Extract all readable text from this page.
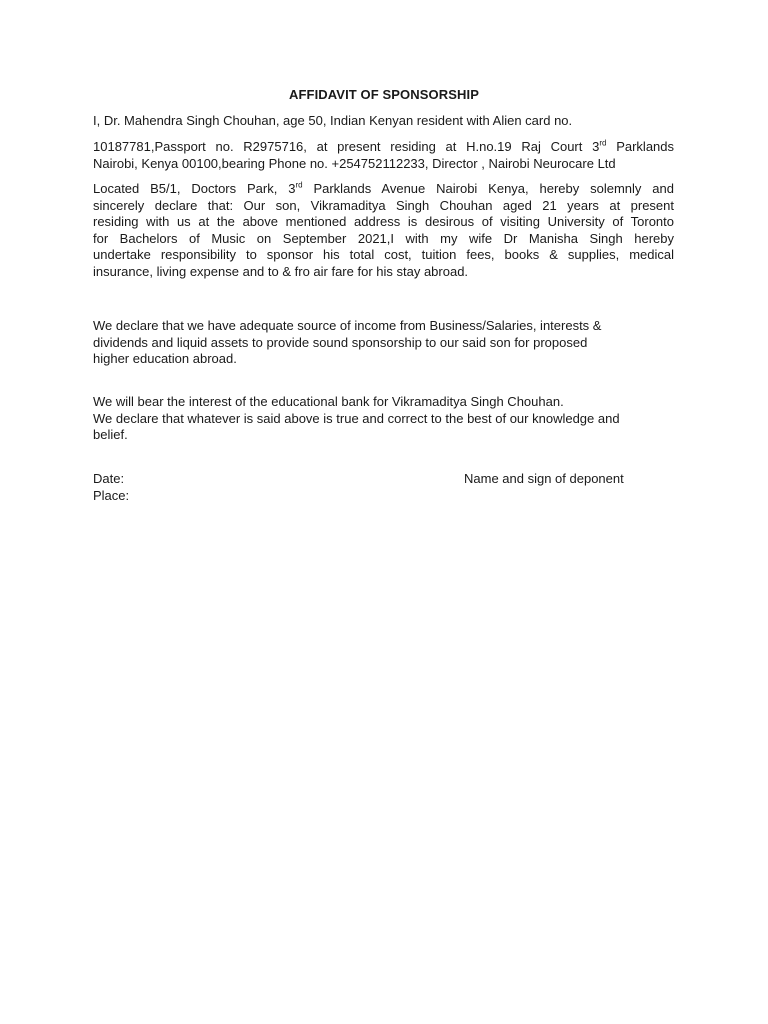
AFFIDAVIT OF SPONSORSHIP

I, Dr. Mahendra Singh Chouhan, age 50, Indian Kenyan resident with Alien card no.

10187781,Passport no. R2975716, at present residing at H.no.19 Raj Court 3rd Parklands
Nairobi, Kenya 00100,bearing Phone no. +254752112233, Director , Nairobi Neurocare Ltd

Located B5/1, Doctors Park, 3rd Parklands Avenue Nairobi Kenya, hereby solemnly and
sincerely declare that: Our son, Vikramaditya Singh Chouhan aged 21 years at present
residing with us at the above mentioned address is desirous of visiting University of Toronto
for Bachelors of Music on September 2021,I with my wife Dr Manisha Singh hereby
undertake responsibility to sponsor his total cost, tuition fees, books & supplies, medical
insurance, living expense and to & fro air fare for his stay abroad.

We declare that we have adequate source of income from Business/Salaries, interests &
dividends and liquid assets to provide sound sponsorship to our said son for proposed
higher education abroad.

We will bear the interest of the educational bank for Vikramaditya Singh Chouhan.
We declare that whatever is said above is true and correct to the best of our knowledge and
belief.

Date:	Name and sign of deponent
Place:
